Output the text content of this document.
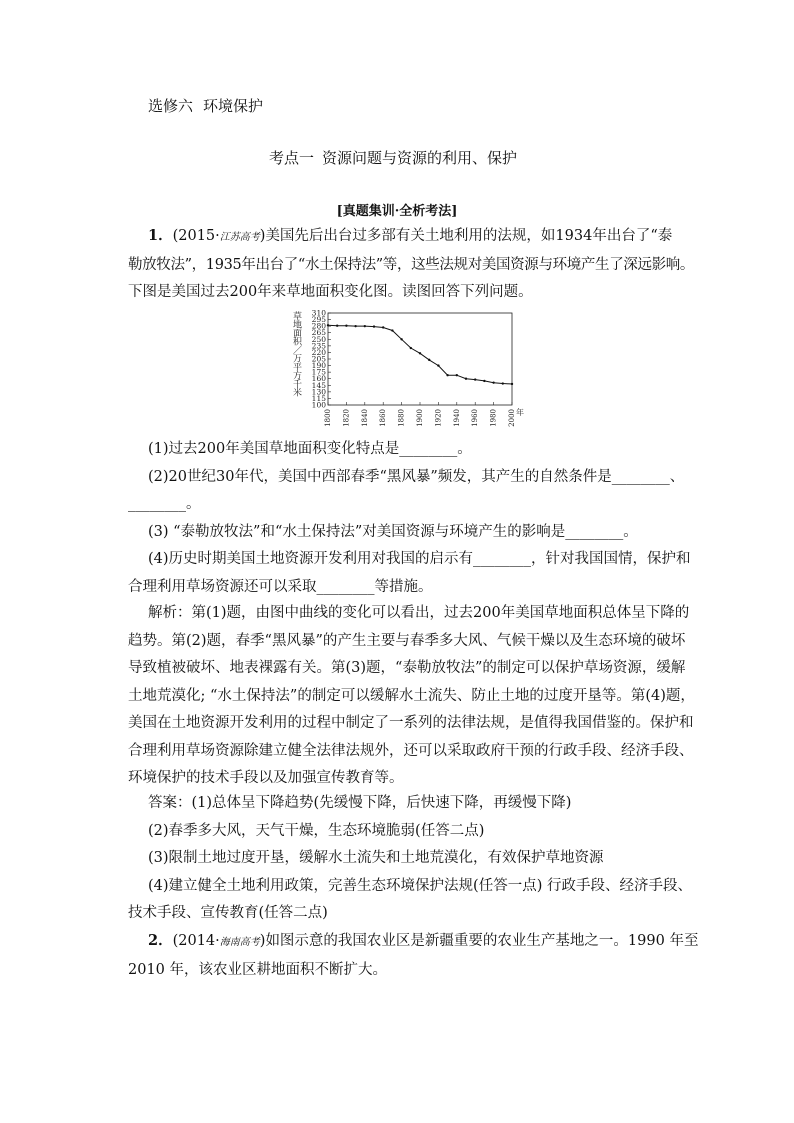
选修六 环境保护
考点一 资源问题与资源的利用、保护
[真题集训·全析考法]
1．(2015·江苏高考)美国先后出台过多部有关土地利用的法规，如1934年出台了“泰
勒放牧法”，1935年出台了“水土保持法”等，这些法规对美国资源与环境产生了深远影响。
下图是美国过去200年来草地面积变化图。读图回答下列问题。
100
115
130
145
160
175
190
205
220
235
250
265
280
295
310
1800 1820 1840 1860 1880 1900 1920 1940 1960 1980 2000 年
草地面积／万平方千米
(1)过去200年美国草地面积变化特点是________。
(2)20世纪30年代，美国中西部春季“黑风暴”频发，其产生的自然条件是________、
________。
(3) “泰勒放牧法”和“水土保持法”对美国资源与环境产生的影响是________。
(4)历史时期美国土地资源开发利用对我国的启示有________，针对我国国情，保护和
合理利用草场资源还可以采取________等措施。
解析：第(1)题，由图中曲线的变化可以看出，过去200年美国草地面积总体呈下降的
趋势。第(2)题，春季“黑风暴”的产生主要与春季多大风、气候干燥以及生态环境的破坏
导致植被破坏、地表裸露有关。第(3)题，“泰勒放牧法”的制定可以保护草场资源，缓解
土地荒漠化; “水土保持法”的制定可以缓解水土流失、防止土地的过度开垦等。第(4)题，
美国在土地资源开发利用的过程中制定了一系列的法律法规，是值得我国借鉴的。保护和
合理利用草场资源除建立健全法律法规外，还可以采取政府干预的行政手段、经济手段、
环境保护的技术手段以及加强宣传教育等。
答案：(1)总体呈下降趋势(先缓慢下降，后快速下降，再缓慢下降)
(2)春季多大风，天气干燥，生态环境脆弱(任答二点)
(3)限制土地过度开垦，缓解水土流失和土地荒漠化，有效保护草地资源
(4)建立健全土地利用政策，完善生态环境保护法规(任答一点) 行政手段、经济手段、
技术手段、宣传教育(任答二点)
2．(2014·海南高考)如图示意的我国农业区是新疆重要的农业生产基地之一。1990 年至
2010 年，该农业区耕地面积不断扩大。
